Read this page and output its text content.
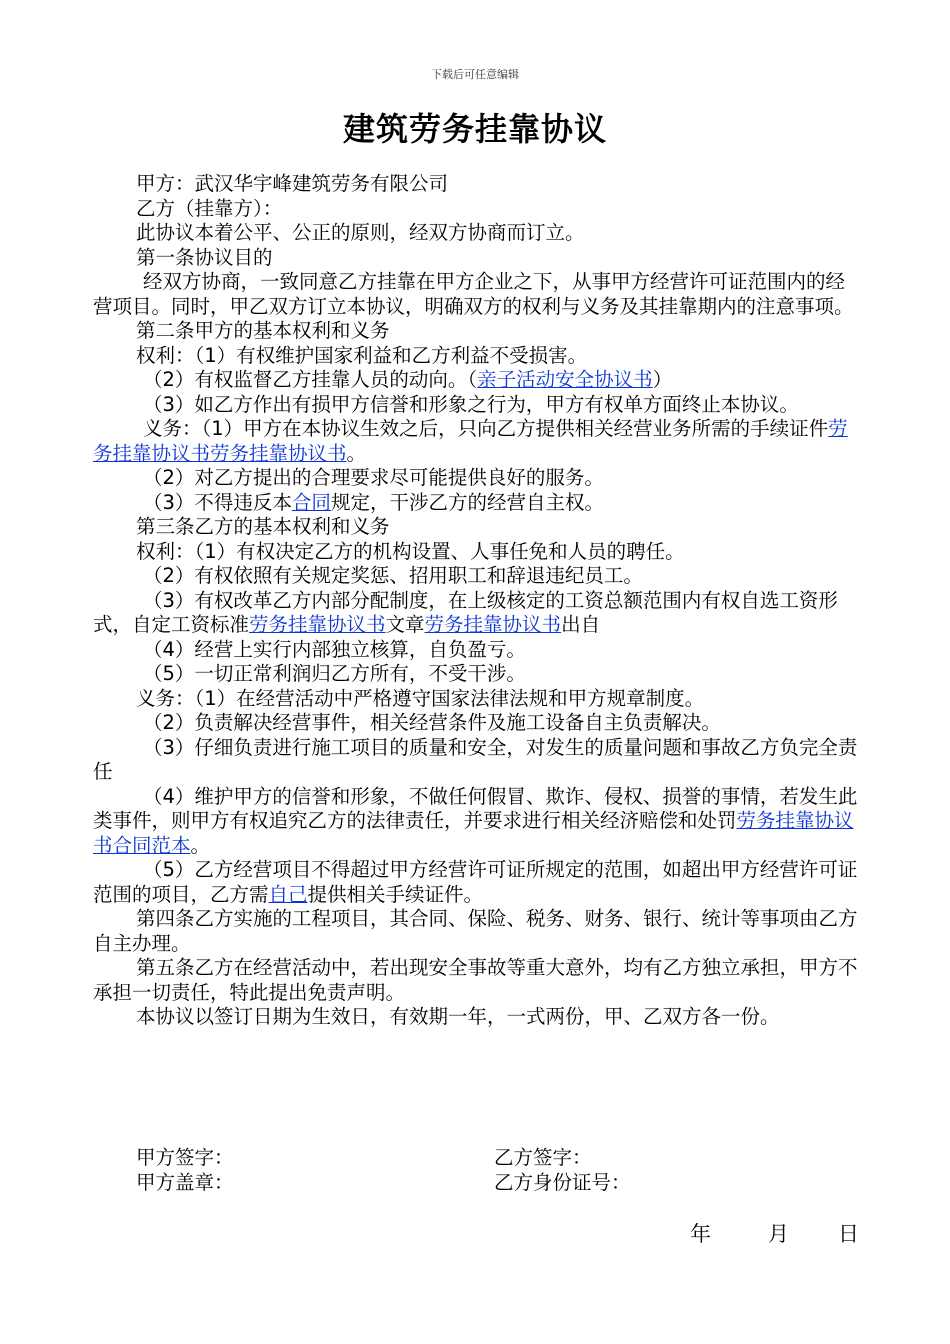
下载后可任意编辑
建筑劳务挂靠协议

甲方：武汉华宇峰建筑劳务有限公司

乙方（挂靠方）：

此协议本着公平、公正的原则，经双方协商而订立。

第一条协议目的

经双方协商，一致同意乙方挂靠在甲方企业之下，从事甲方经营许可证范围内的经营项目。同时，甲乙双方订立本协议，明确双方的权利与义务及其挂靠期内的注意事项。

第二条甲方的基本权利和义务

权利：（1）有权维护国家利益和乙方利益不受损害。

（2）有权监督乙方挂靠人员的动向。（亲子活动安全协议书）

（3）如乙方作出有损甲方信誉和形象之行为，甲方有权单方面终止本协议。

义务：（1）甲方在本协议生效之后，只向乙方提供相关经营业务所需的手续证件劳务挂靠协议书劳务挂靠协议书。

（2）对乙方提出的合理要求尽可能提供良好的服务。

（3）不得违反本合同规定，干涉乙方的经营自主权。

第三条乙方的基本权利和义务

权利：（1）有权决定乙方的机构设置、人事任免和人员的聘任。

（2）有权依照有关规定奖惩、招用职工和辞退违纪员工。

（3）有权改革乙方内部分配制度，在上级核定的工资总额范围内有权自选工资形式，自定工资标准劳务挂靠协议书文章劳务挂靠协议书出自

（4）经营上实行内部独立核算，自负盈亏。

（5）一切正常利润归乙方所有，不受干涉。

义务：（1）在经营活动中严格遵守国家法律法规和甲方规章制度。

（2）负责解决经营事件，相关经营条件及施工设备自主负责解决。

（3）仔细负责进行施工项目的质量和安全，对发生的质量问题和事故乙方负完全责任

（4）维护甲方的信誉和形象，不做任何假冒、欺诈、侵权、损誉的事情，若发生此类事件，则甲方有权追究乙方的法律责任，并要求进行相关经济赔偿和处罚劳务挂靠协议书合同范本。

（5）乙方经营项目不得超过甲方经营许可证所规定的范围，如超出甲方经营许可证范围的项目，乙方需自己提供相关手续证件。

第四条乙方实施的工程项目，其合同、保险、税务、财务、银行、统计等事项由乙方自主办理。

第五条乙方在经营活动中，若出现安全事故等重大意外，均有乙方独立承担，甲方不承担一切责任，特此提出免责声明。

本协议以签订日期为生效日，有效期一年，一式两份，甲、乙双方各一份。

甲方签字：
甲方盖章：
乙方签字：
乙方身份证号：
年	月 日
